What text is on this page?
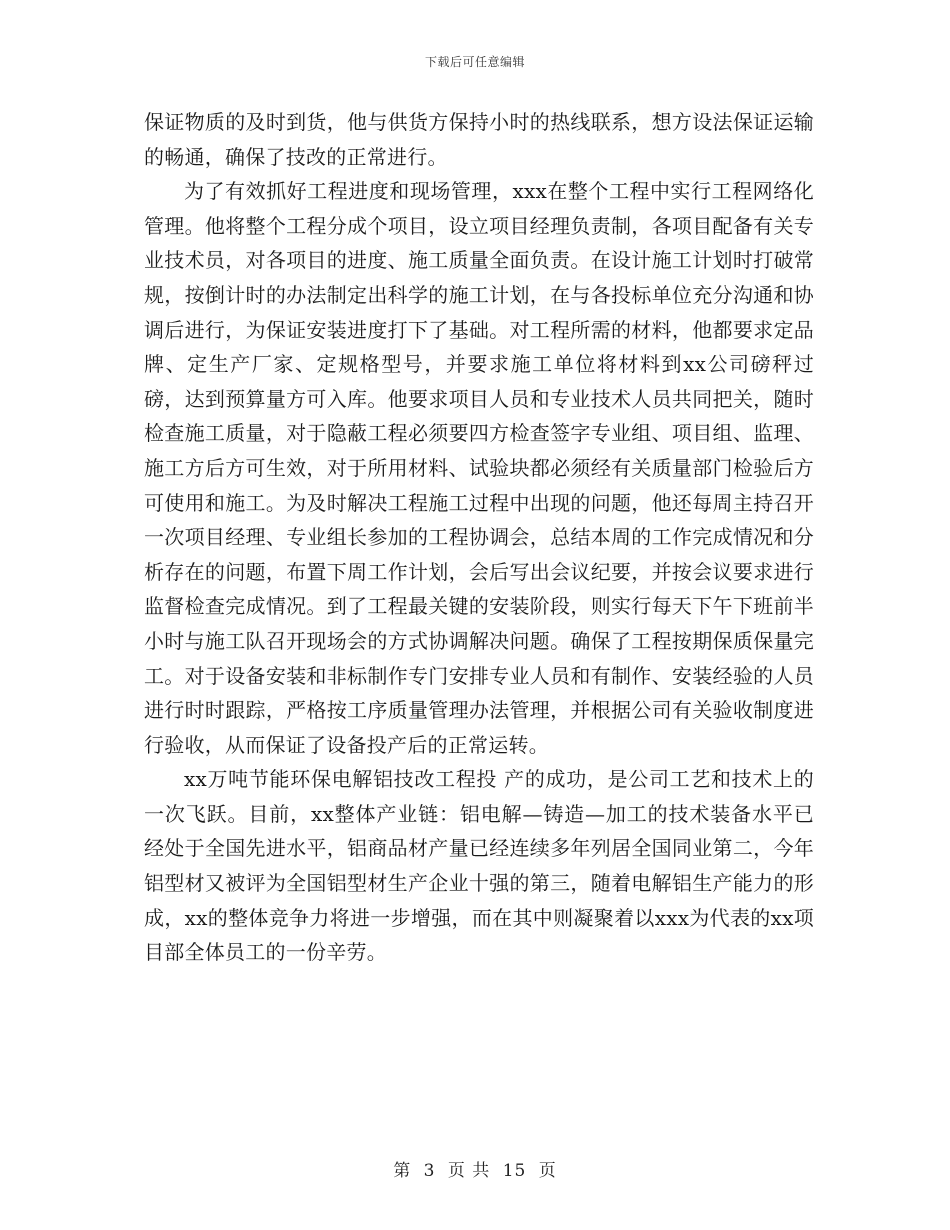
下载后可任意编辑

保证物质的及时到货，他与供货方保持小时的热线联系，想方设法保证运输的畅通，确保了技改的正常进行。

为了有效抓好工程进度和现场管理，xxx在整个工程中实行工程网络化管理。他将整个工程分成个项目，设立项目经理负责制，各项目配备有关专业技术员，对各项目的进度、施工质量全面负责。在设计施工计划时打破常规，按倒计时的办法制定出科学的施工计划，在与各投标单位充分沟通和协调后进行，为保证安装进度打下了基础。对工程所需的材料，他都要求定品牌、定生产厂家、定规格型号，并要求施工单位将材料到xx公司磅秤过磅，达到预算量方可入库。他要求项目人员和专业技术人员共同把关，随时检查施工质量，对于隐蔽工程必须要四方检查签字专业组、项目组、监理、施工方后方可生效，对于所用材料、试验块都必须经有关质量部门检验后方可使用和施工。为及时解决工程施工过程中出现的问题，他还每周主持召开一次项目经理、专业组长参加的工程协调会，总结本周的工作完成情况和分析存在的问题，布置下周工作计划，会后写出会议纪要，并按会议要求进行监督检查完成情况。到了工程最关键的安装阶段，则实行每天下午下班前半小时与施工队召开现场会的方式协调解决问题。确保了工程按期保质保量完工。对于设备安装和非标制作专门安排专业人员和有制作、安装经验的人员进行时时跟踪，严格按工序质量管理办法管理，并根据公司有关验收制度进行验收，从而保证了设备投产后的正常运转。

xx万吨节能环保电解铝技改工程投 产的成功，是公司工艺和技术上的一次飞跃。目前，xx整体产业链：铝电解—铸造—加工的技术装备水平已经处于全国先进水平，铝商品材产量已经连续多年列居全国同业第二，今年铝型材又被评为全国铝型材生产企业十强的第三，随着电解铝生产能力的形成，xx的整体竞争力将进一步增强，而在其中则凝聚着以xxx为代表的xx项目部全体员工的一份辛劳。

第 3 页 共 15 页
